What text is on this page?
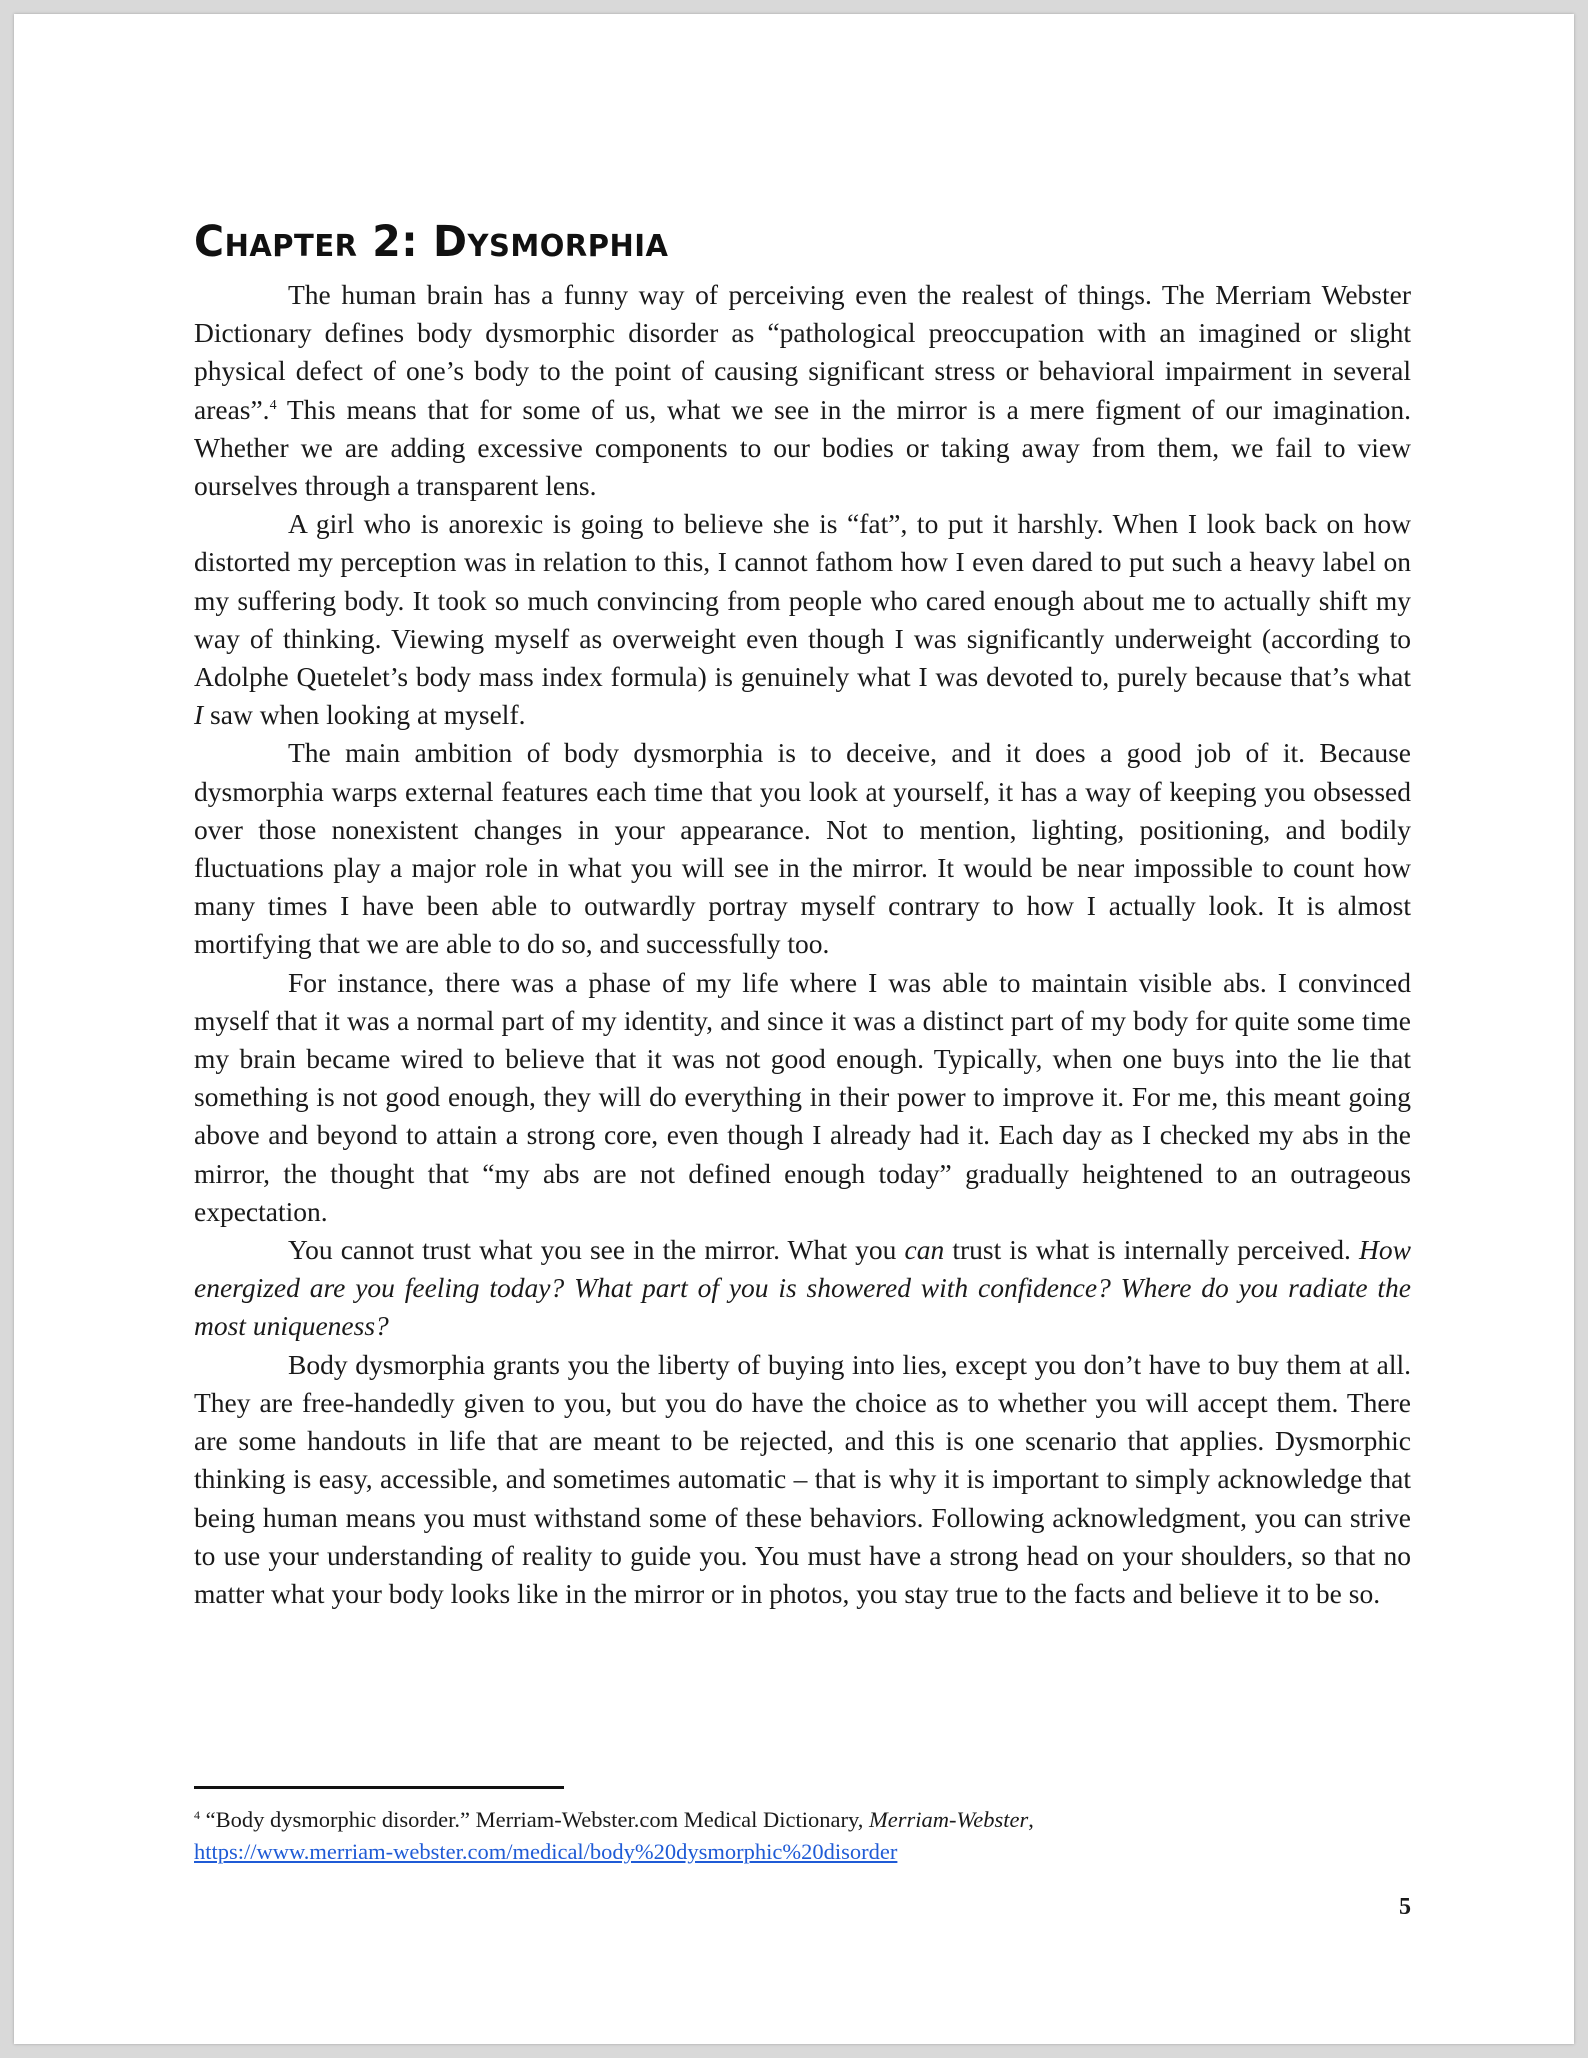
Chapter 2: Dysmorphia

The human brain has a funny way of perceiving even the realest of things. The Merriam Webster Dictionary defines body dysmorphic disorder as “pathological preoccupation with an imagined or slight physical defect of one’s body to the point of causing significant stress or behavioral impairment in several areas”.$^4$ This means that for some of us, what we see in the mirror is a mere figment of our imagination. Whether we are adding excessive components to our bodies or taking away from them, we fail to view ourselves through a transparent lens.

A girl who is anorexic is going to believe she is “fat”, to put it harshly. When I look back on how distorted my perception was in relation to this, I cannot fathom how I even dared to put such a heavy label on my suffering body. It took so much convincing from people who cared enough about me to actually shift my way of thinking. Viewing myself as overweight even though I was significantly underweight (according to Adolphe Quetelet’s body mass index formula) is genuinely what I was devoted to, purely because that’s what I saw when looking at myself.

The main ambition of body dysmorphia is to deceive, and it does a good job of it. Because dysmorphia warps external features each time that you look at yourself, it has a way of keeping you obsessed over those nonexistent changes in your appearance. Not to mention, lighting, positioning, and bodily fluctuations play a major role in what you will see in the mirror. It would be near impossible to count how many times I have been able to outwardly portray myself contrary to how I actually look. It is almost mortifying that we are able to do so, and successfully too.

For instance, there was a phase of my life where I was able to maintain visible abs. I convinced myself that it was a normal part of my identity, and since it was a distinct part of my body for quite some time my brain became wired to believe that it was not good enough. Typically, when one buys into the lie that something is not good enough, they will do everything in their power to improve it. For me, this meant going above and beyond to attain a strong core, even though I already had it. Each day as I checked my abs in the mirror, the thought that “my abs are not defined enough today” gradually heightened to an outrageous expectation.

You cannot trust what you see in the mirror. What you can trust is what is internally perceived. How energized are you feeling today? What part of you is showered with confidence? Where do you radiate the most uniqueness?

Body dysmorphia grants you the liberty of buying into lies, except you don’t have to buy them at all. They are free-handedly given to you, but you do have the choice as to whether you will accept them. There are some handouts in life that are meant to be rejected, and this is one scenario that applies. Dysmorphic thinking is easy, accessible, and sometimes automatic – that is why it is important to simply acknowledge that being human means you must withstand some of these behaviors. Following acknowledgment, you can strive to use your understanding of reality to guide you. You must have a strong head on your shoulders, so that no matter what your body looks like in the mirror or in photos, you stay true to the facts and believe it to be so.

$^4$ “Body dysmorphic disorder.” Merriam-Webster.com Medical Dictionary, Merriam-Webster,
https://www.merriam-webster.com/medical/body%20dysmorphic%20disorder
5
